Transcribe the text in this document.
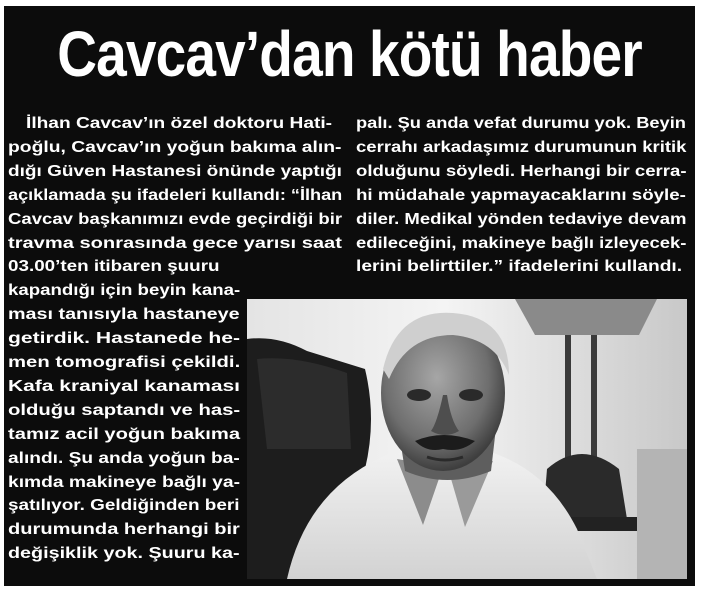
Cavcav’dan kötü haber
İlhan Cavcav’ın özel doktoru Hati-
poğlu, Cavcav’ın yoğun bakıma alın-
dığı Güven Hastanesi önünde yaptığı
açıklamada şu ifadeleri kullandı: “İlhan
Cavcav başkanımızı evde geçirdiği bir
travma sonrasında gece yarısı saat
03.00’ten itibaren şuuru
kapandığı için beyin kana-
ması tanısıyla hastaneye
getirdik. Hastanede he-
men tomografisi çekildi.
Kafa kraniyal kanaması
olduğu saptandı ve has-
tamız acil yoğun bakıma
alındı. Şu anda yoğun ba-
kımda makineye bağlı ya-
şatılıyor. Geldiğinden beri
durumunda herhangi bir
değişiklik yok. Şuuru ka-
palı. Şu anda vefat durumu yok. Beyin
cerrahı arkadaşımız durumunun kritik
olduğunu söyledi. Herhangi bir cerra-
hi müdahale yapmayacaklarını söyle-
diler. Medikal yönden tedaviye devam
edileceğini, makineye bağlı izleyecek-
lerini belirttiler.” ifadelerini kullandı.
